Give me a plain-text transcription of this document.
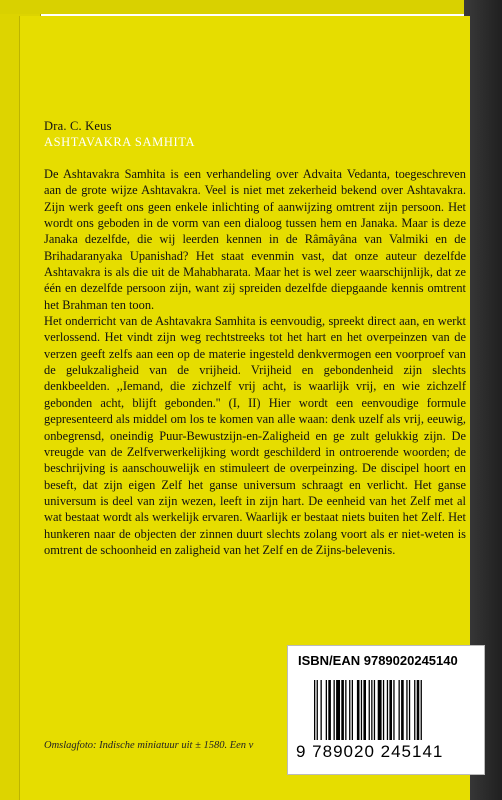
Dra. C. Keus
ASHTAVAKRA SAMHITA

De Ashtavakra Samhita is een verhandeling over Advaita Vedanta, toegeschreven aan de grote wijze Ashtavakra. Veel is niet met zekerheid bekend over Ashtavakra. Zijn werk geeft ons geen enkele inlichting of aanwijzing omtrent zijn persoon. Het wordt ons geboden in de vorm van een dialoog tussen hem en Janaka. Maar is deze Janaka dezelfde, die wij leerden kennen in de Râmâyâna van Valmiki en de Brihadaranyaka Upanishad? Het staat evenmin vast, dat onze auteur dezelfde Ashtavakra is als die uit de Mahabharata. Maar het is wel zeer waarschijnlijk, dat ze één en dezelfde persoon zijn, want zij spreiden dezelfde diepgaande kennis omtrent het Brahman ten toon.

Het onderricht van de Ashtavakra Samhita is eenvoudig, spreekt direct aan, en werkt verlossend. Het vindt zijn weg rechtstreeks tot het hart en het overpeinzen van de verzen geeft zelfs aan een op de materie ingesteld denkvermogen een voorproef van de gelukzaligheid van de vrijheid. Vrijheid en gebondenheid zijn slechts denkbeelden. ,,Iemand, die zichzelf vrij acht, is waarlijk vrij, en wie zichzelf gebonden acht, blijft gebonden.'' (I, II) Hier wordt een eenvoudige formule gepresenteerd als middel om los te komen van alle waan: denk uzelf als vrij, eeuwig, onbegrensd, oneindig Puur-Bewustzijn-en-Zaligheid en ge zult gelukkig zijn. De vreugde van de Zelfverwerkelijking wordt geschilderd in ontroerende woorden; de beschrijving is aanschouwelijk en stimuleert de overpeinzing. De discipel hoort en beseft, dat zijn eigen Zelf het ganse universum schraagt en verlicht. Het ganse universum is deel van zijn wezen, leeft in zijn hart. De eenheid van het Zelf met al wat bestaat wordt als werkelijk ervaren. Waarlijk er bestaat niets buiten het Zelf. Het hunkeren naar de objecten der zinnen duurt slechts zolang voort als er niet-weten is omtrent de schoonheid en zaligheid van het Zelf en de Zijns-belevenis.

Omslagfoto: Indische miniatuur uit ± 1580. Een v
ISBN/EAN 9789020245140
9 789020 245141
